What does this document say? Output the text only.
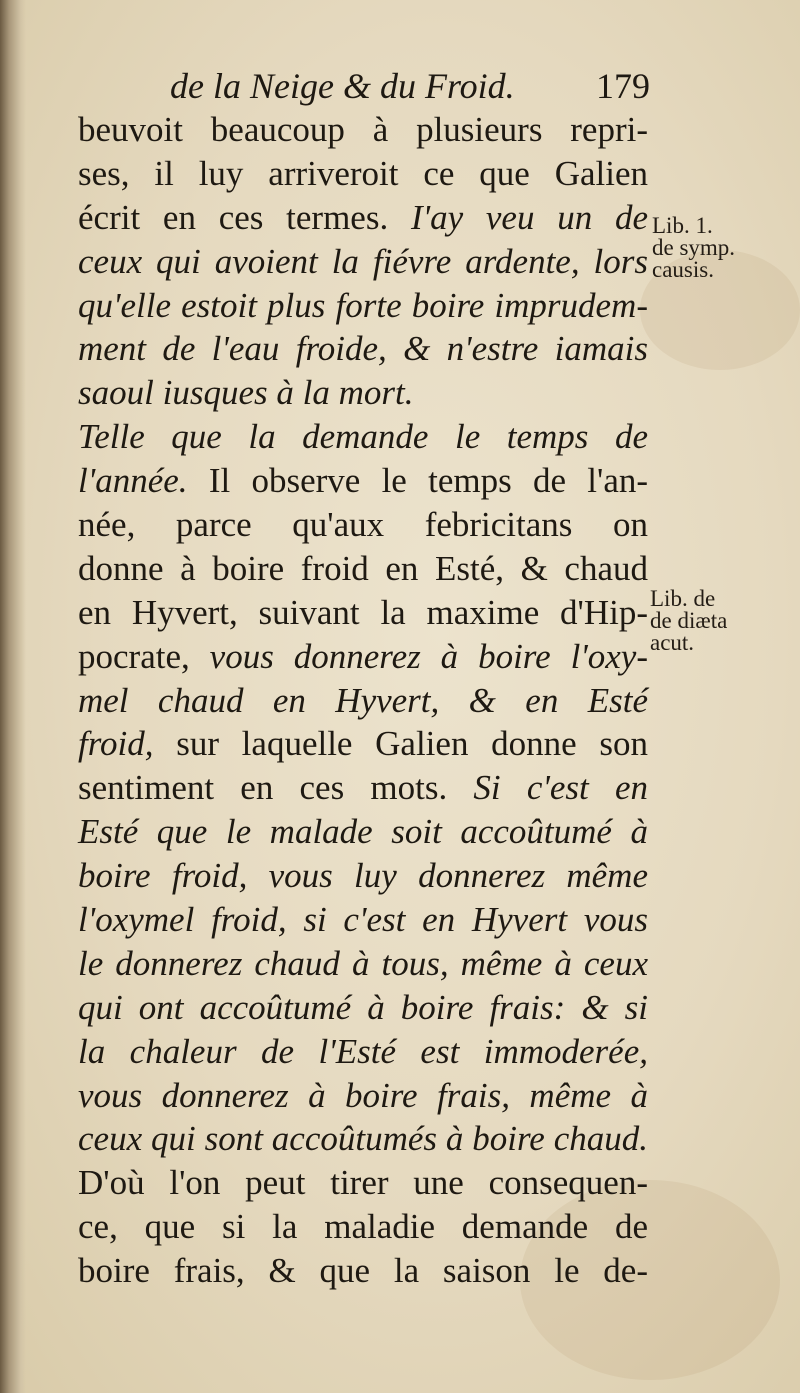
de la Neige & du Froid. 179
beuvoit beaucoup à plusieurs repri-
ses, il luy arriveroit ce que Galien
écrit en ces termes. I'ay veu un de
ceux qui avoient la fiévre ardente, lors
qu'elle estoit plus forte boire imprudem-
ment de l'eau froide, & n'estre iamais
saoul iusques à la mort.
Telle que la demande le temps de
l'année. Il observe le temps de l'an-
née, parce qu'aux febricitans on
donne à boire froid en Esté, & chaud
en Hyvert, suivant la maxime d'Hip-
pocrate, vous donnerez à boire l'oxy-
mel chaud en Hyvert, & en Esté
froid, sur laquelle Galien donne son
sentiment en ces mots. Si c'est en
Esté que le malade soit accoûtumé à
boire froid, vous luy donnerez même
l'oxymel froid, si c'est en Hyvert vous
le donnerez chaud à tous, même à ceux
qui ont accoûtumé à boire frais: & si
la chaleur de l'Esté est immoderée,
vous donnerez à boire frais, même à
ceux qui sont accoûtumés à boire chaud.
D'où l'on peut tirer une consequen-
ce, que si la maladie demande de
boire frais, & que la saison le de-
Lib. 1.
de symp.
causis.
Lib. de
de diæta
acut.
